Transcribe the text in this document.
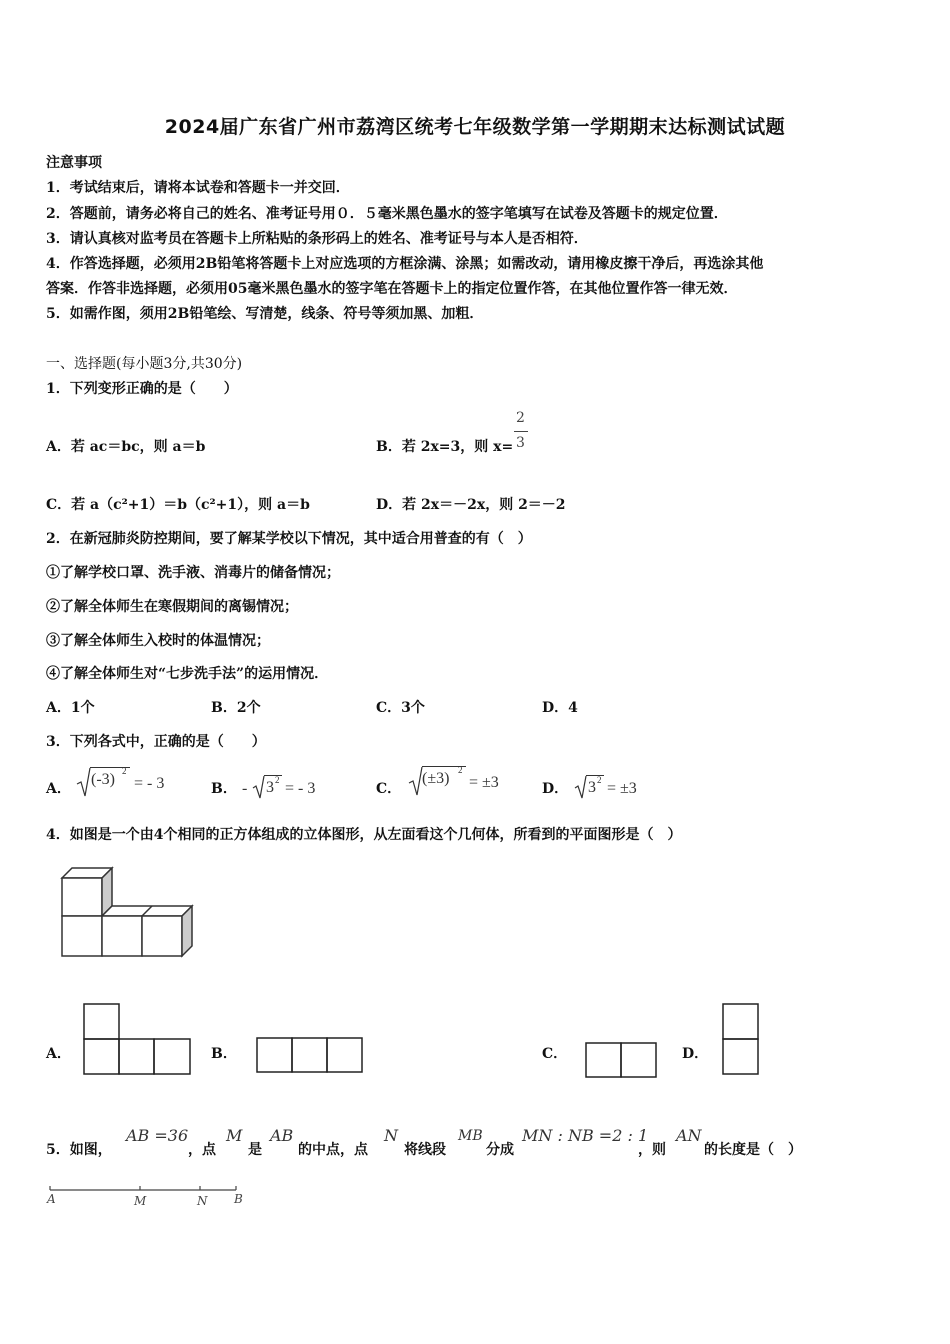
2024届广东省广州市荔湾区统考七年级数学第一学期期末达标测试试题
注意事项
1．考试结束后，请将本试卷和答题卡一并交回．
2．答题前，请务必将自己的姓名、准考证号用０．５毫米黑色墨水的签字笔填写在试卷及答题卡的规定位置．
3．请认真核对监考员在答题卡上所粘贴的条形码上的姓名、准考证号与本人是否相符．
4．作答选择题，必须用2B铅笔将答题卡上对应选项的方框涂满、涂黑；如需改动，请用橡皮擦干净后，再选涂其他
答案．作答非选择题，必须用05毫米黑色墨水的签字笔在答题卡上的指定位置作答，在其他位置作答一律无效．
5．如需作图，须用2B铅笔绘、写清楚，线条、符号等须加黑、加粗．
一、选择题(每小题3分,共30分)
1．下列变形正确的是（　　）
A．若 ac＝bc，则 a＝b	B．若 2x=3，则 x=
2
3
C．若 a（c²+1）＝b（c²+1），则 a＝b	D．若 2x＝－2x，则 2＝－2
2．在新冠肺炎防控期间，要了解某学校以下情况，其中适合用普查的有（　）
①了解学校口罩、洗手液、消毒片的储备情况；
②了解全体师生在寒假期间的离锡情况；
③了解全体师生入校时的体温情况；
④了解全体师生对“七步洗手法”的运用情况．
A．1个	B．2个	C．3个	D．4
3．下列各式中，正确的是（　　）
A．
(-3) 2
= - 3	B． - 3 2 = - 3	C．
(±3) 2
= ±3	D． 3 2 = ±3
4．如图是一个由4个相同的正方体组成的立体图形，从左面看这个几何体，所看到的平面图形是（　）
A．	B．	C．	D．
5．如图，
AB =36
，点
M
是
AB
的中点，点
N
将线段
MB
分成
MN : NB =2 : 1
，则
AN
的长度是（　）
A	M	N B
